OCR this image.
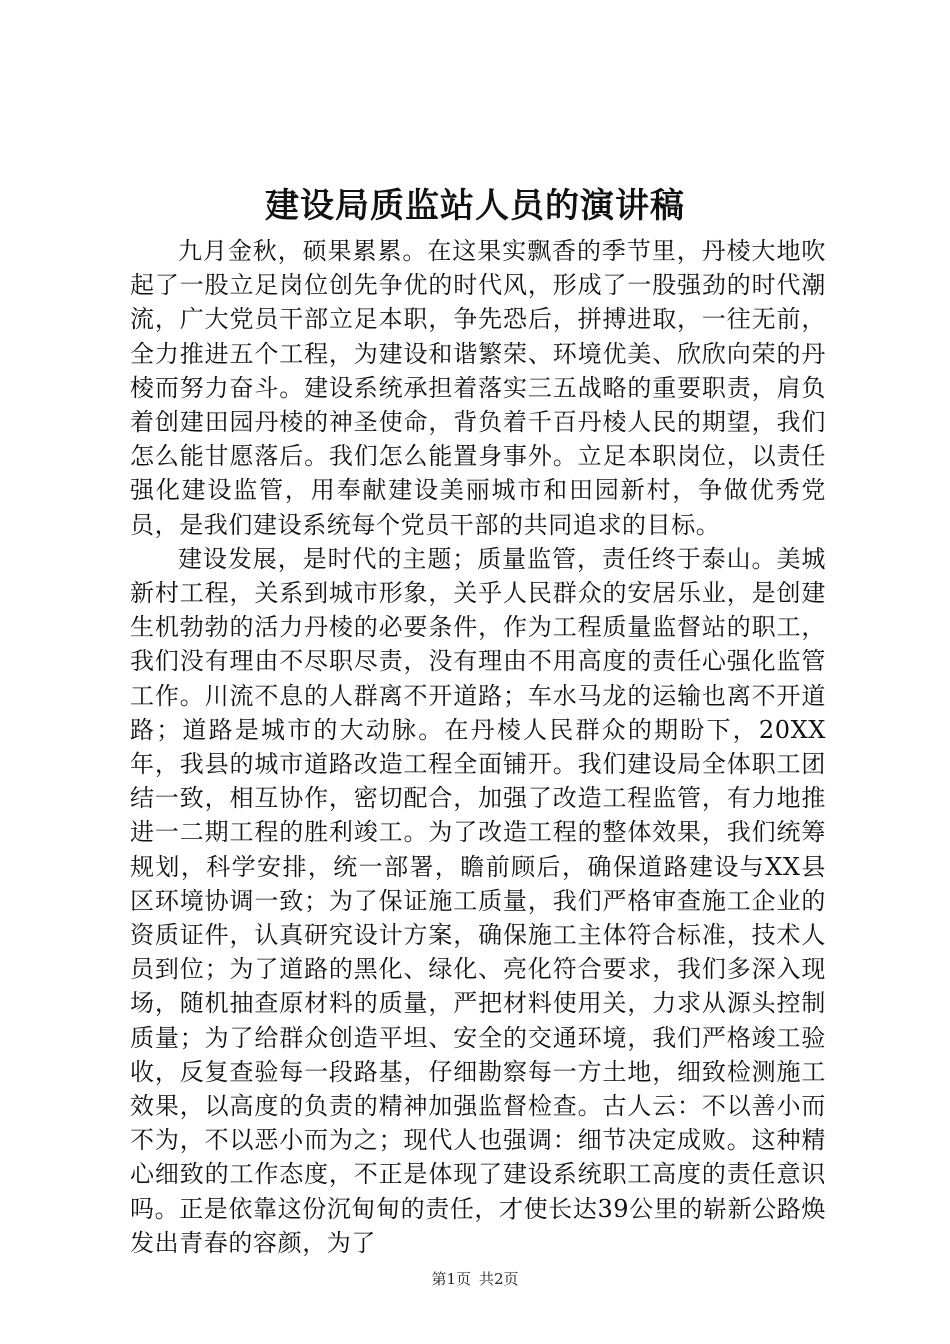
建设局质监站人员的演讲稿

九月金秋，硕果累累。在这果实飘香的季节里，丹棱大地吹起了一股立足岗位创先争优的时代风，形成了一股强劲的时代潮流，广大党员干部立足本职，争先恐后，拼搏进取，一往无前，全力推进五个工程，为建设和谐繁荣、环境优美、欣欣向荣的丹棱而努力奋斗。建设系统承担着落实三五战略的重要职责，肩负着创建田园丹棱的神圣使命，背负着千百丹棱人民的期望，我们怎么能甘愿落后。我们怎么能置身事外。立足本职岗位，以责任强化建设监管，用奉献建设美丽城市和田园新村，争做优秀党员，是我们建设系统每个党员干部的共同追求的目标。

建设发展，是时代的主题；质量监管，责任终于泰山。美城新村工程，关系到城市形象，关乎人民群众的安居乐业，是创建生机勃勃的活力丹棱的必要条件，作为工程质量监督站的职工，我们没有理由不尽职尽责，没有理由不用高度的责任心强化监管工作。川流不息的人群离不开道路；车水马龙的运输也离不开道路；道路是城市的大动脉。在丹棱人民群众的期盼下，20XX年，我县的城市道路改造工程全面铺开。我们建设局全体职工团结一致，相互协作，密切配合，加强了改造工程监管，有力地推进一二期工程的胜利竣工。为了改造工程的整体效果，我们统筹规划，科学安排，统一部署，瞻前顾后，确保道路建设与XX县区环境协调一致；为了保证施工质量，我们严格审查施工企业的资质证件，认真研究设计方案，确保施工主体符合标准，技术人员到位；为了道路的黑化、绿化、亮化符合要求，我们多深入现场，随机抽查原材料的质量，严把材料使用关，力求从源头控制质量；为了给群众创造平坦、安全的交通环境，我们严格竣工验收，反复查验每一段路基，仔细勘察每一方土地，细致检测施工效果，以高度的负责的精神加强监督检查。古人云：不以善小而不为，不以恶小而为之；现代人也强调：细节决定成败。这种精心细致的工作态度，不正是体现了建设系统职工高度的责任意识吗。正是依靠这份沉甸甸的责任，才使长达39公里的崭新公路焕发出青春的容颜，为了

第1页 共2页
